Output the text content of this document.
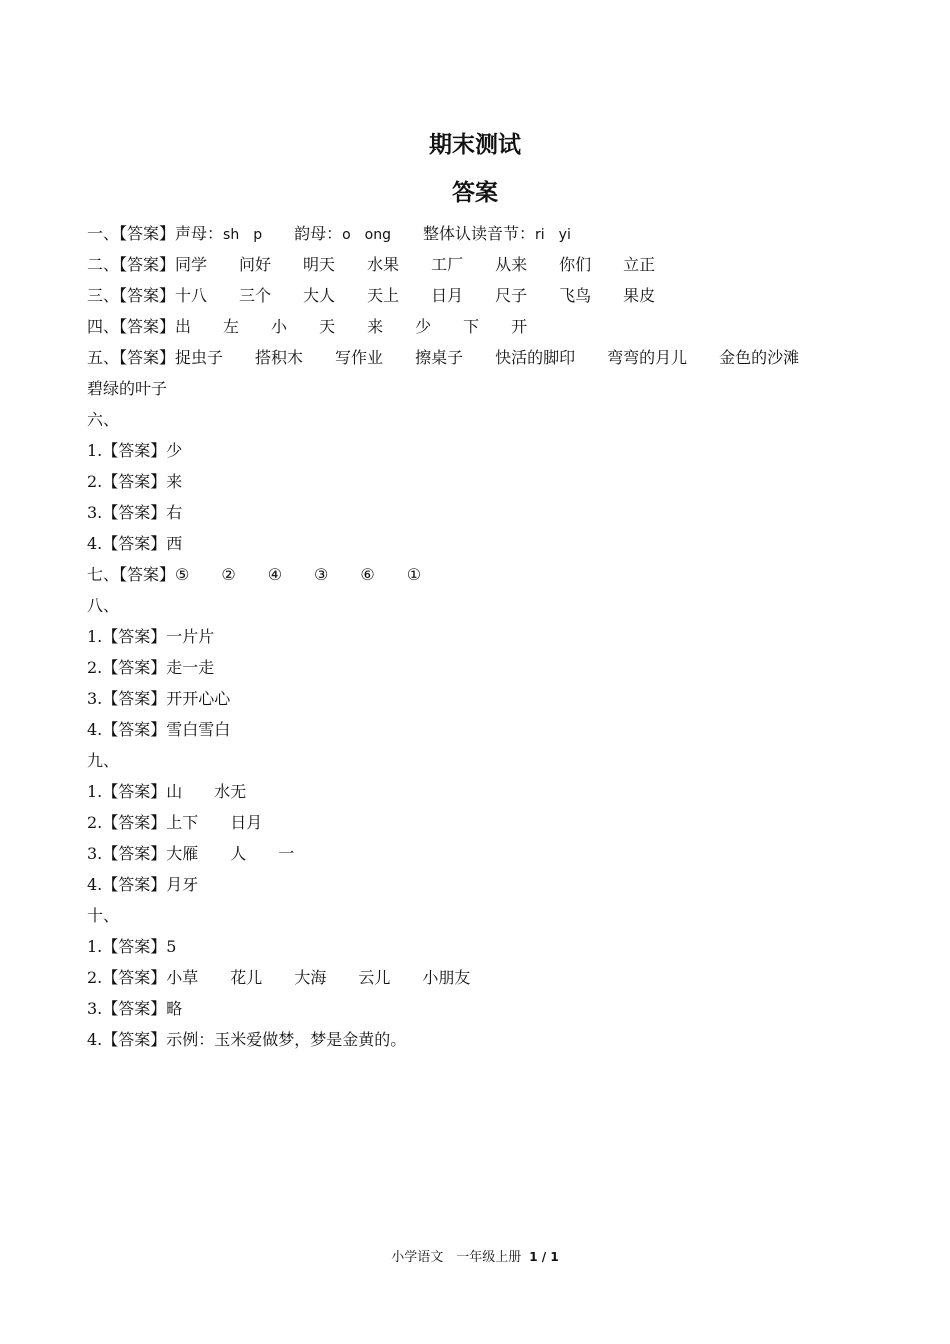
期末测试
答案
一、【答案】声母：sh　p 韵母：o　ong 整体认读音节：ri　yi
二、【答案】同学 问好 明天 水果 工厂 从来 你们 立正
三、【答案】十八 三个 大人 天上 日月 尺子 飞鸟 果皮
四、【答案】出 左 小 天 来 少 下 开
五、【答案】捉虫子 搭积木 写作业 擦桌子 快活的脚印 弯弯的月儿 金色的沙滩
碧绿的叶子
六、
1.【答案】少
2.【答案】来
3.【答案】右
4.【答案】西
七、【答案】⑤ ② ④ ③ ⑥ ①
八、
1.【答案】一片片
2.【答案】走一走
3.【答案】开开心心
4.【答案】雪白雪白
九、
1.【答案】山 水无
2.【答案】上下 日月
3.【答案】大雁 人 一
4.【答案】月牙
十、
1.【答案】5
2.【答案】小草 花儿 大海 云儿 小朋友
3.【答案】略
4.【答案】示例：玉米爱做梦，梦是金黄的。
小学语文　一年级上册 1 / 1
